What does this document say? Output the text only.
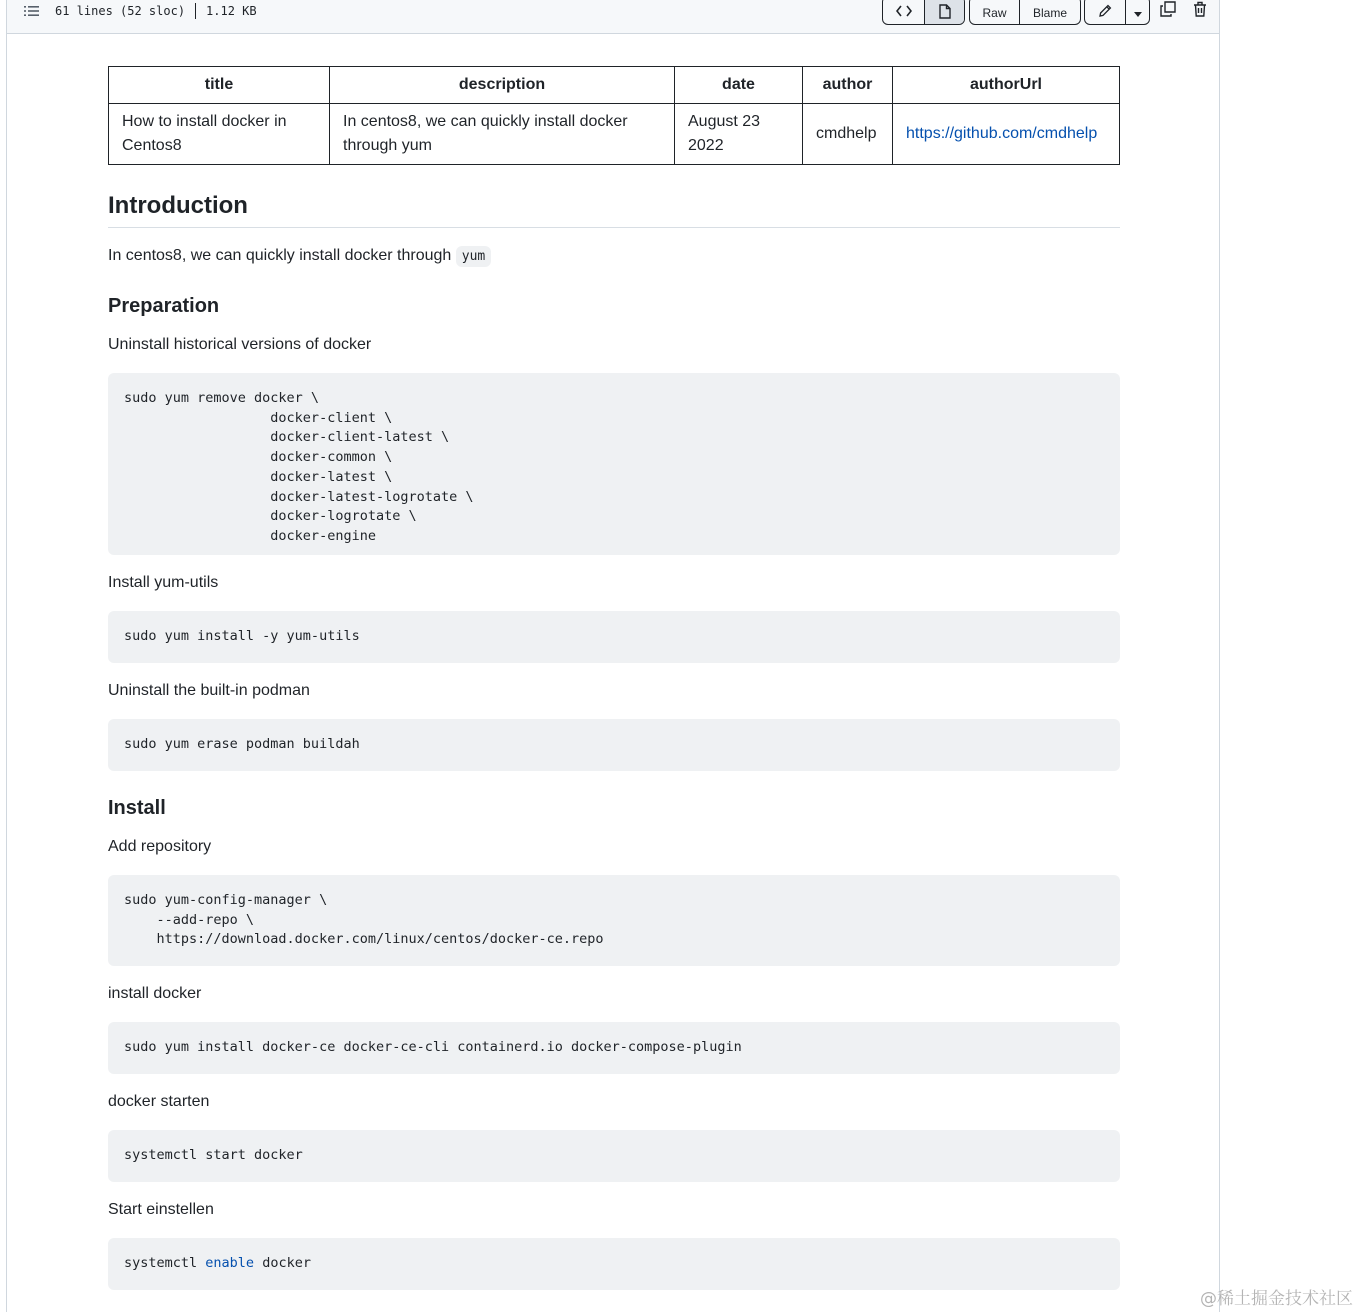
61 lines (52 sloc) 1.12 KB	Raw	Blame
title	description	date	author	authorUrl
How to install docker in Centos8	In centos8, we can quickly install docker through yum	August 23 2022	cmdhelp	https://github.com/cmdhelp
Introduction

In centos8, we can quickly install docker through yum

Preparation

Uninstall historical versions of docker

sudo yum remove docker \
docker-client \
docker-client-latest \
docker-common \
docker-latest \
docker-latest-logrotate \
docker-logrotate \
docker-engine

Install yum-utils

sudo yum install -y yum-utils

Uninstall the built-in podman

sudo yum erase podman buildah
Install

Add repository

sudo yum-config-manager \
--add-repo \
https://download.docker.com/linux/centos/docker-ce.repo

install docker

sudo yum install docker-ce docker-ce-cli containerd.io docker-compose-plugin

docker starten

systemctl start docker

Start einstellen

systemctl enable docker
@稀土掘金技术社区
